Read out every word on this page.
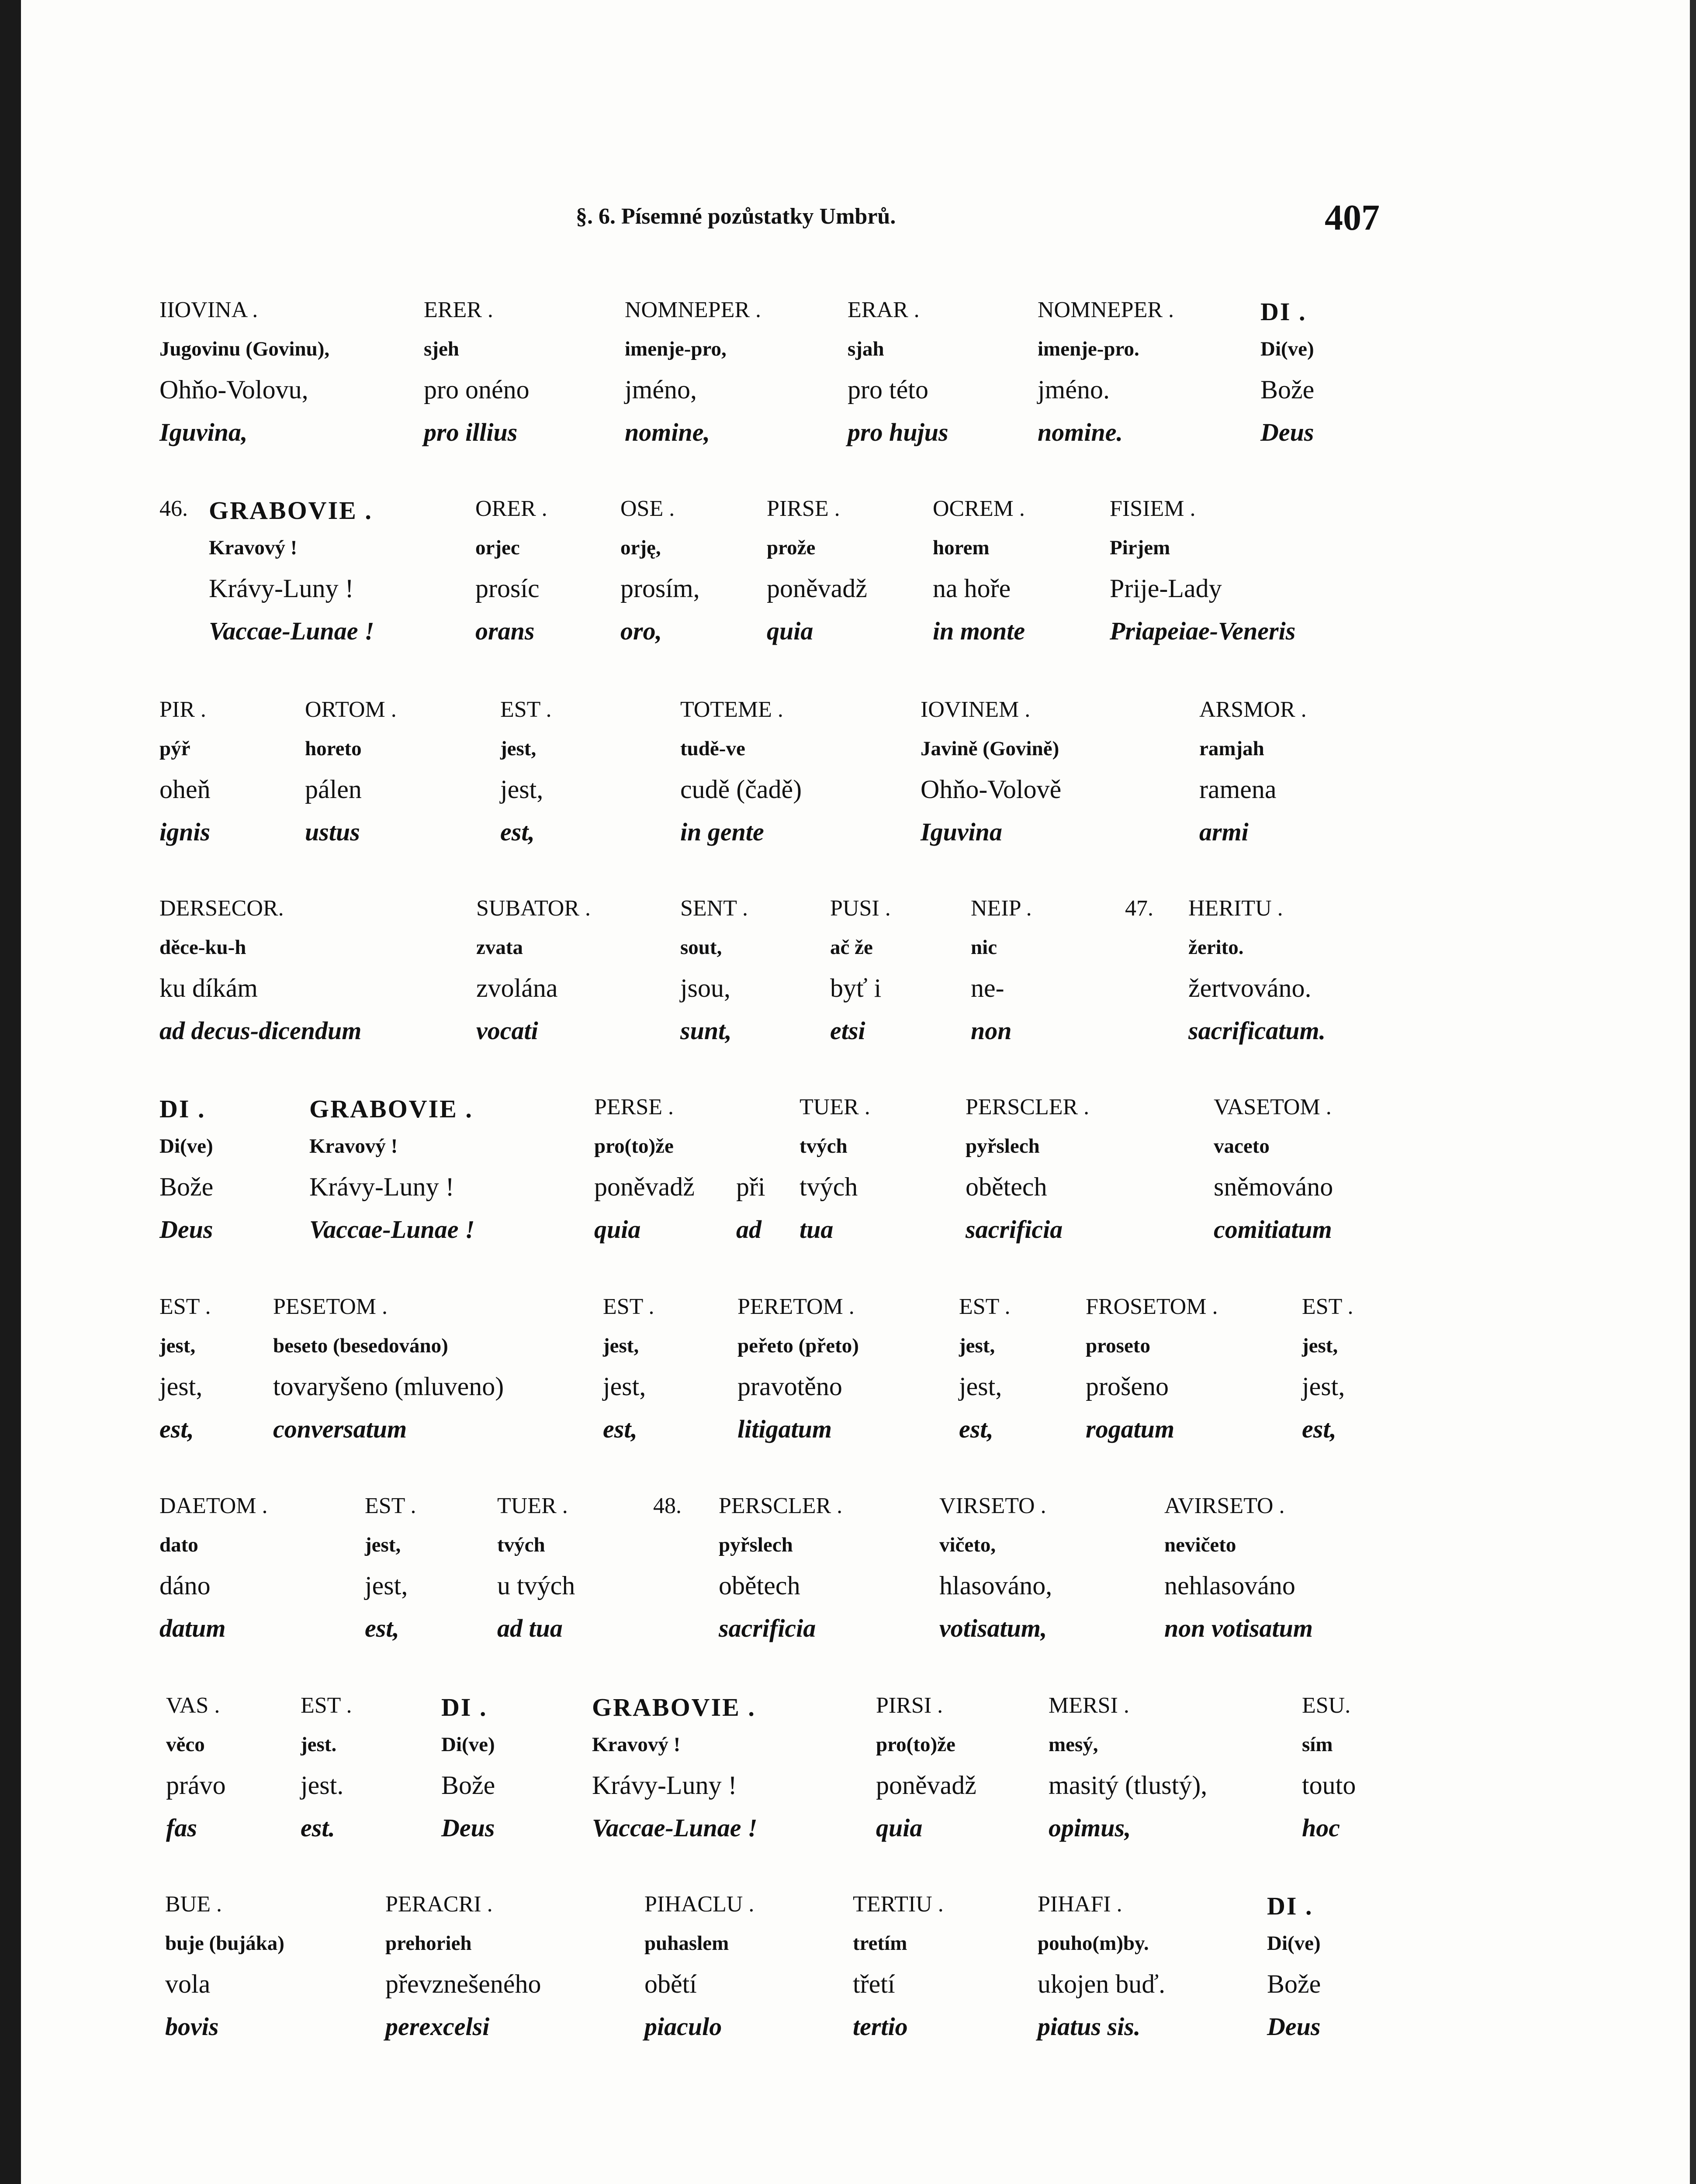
§. 6. Písemné pozůstatky Umbrů.	407
IIOVINA .
Jugovinu (Govinu),
Ohňo-Volovu,
Iguvina,
ERER .
sjeh
pro onéno
pro illius
NOMNEPER .
imenje-pro,
jméno,
nomine,
ERAR .
sjah
pro této
pro hujus
NOMNEPER .
imenje-pro.
jméno.
nomine.
DI .
Di(ve)
Bože
Deus
46. GRABOVIE .
Kravový !
Krávy-Luny !
Vaccae-Lunae !
ORER .
orjec
prosíc
orans
OSE .
orję,
prosím,
oro,
PIRSE .
prože
poněvadž
quia
OCREM .
horem
na hoře
in monte
FISIEM .
Pirjem
Prije-Lady
Priapeiae-Veneris
PIR .
pýř
oheň
ignis
ORTOM .
horeto
pálen
ustus
EST .
jest,
jest,
est,
TOTEME .
tudě-ve
cudě (čadě)
in gente
IOVINEM .
Javině (Govině)
Ohňo-Volově
Iguvina
ARSMOR .
ramjah
ramena
armi
DERSECOR.
děce-ku-h
ku díkám
ad decus-dicendum
SUBATOR .
zvata
zvolána
vocati
SENT .
sout,
jsou,
sunt,
PUSI .
ač že
byť i
etsi
NEIP .
nic
ne-
non
47. HERITU .
žerito.
žertvováno.
sacrificatum.
DI .
Di(ve)
Bože
Deus
GRABOVIE .
Kravový !
Krávy-Luny !
Vaccae-Lunae !
PERSE .
pro(to)že
poněvadž
quia
při
ad
TUER .
tvých
tvých
tua
PERSCLER .
pyřslech
obětech
sacrificia
VASETOM .
vaceto
sněmováno
comitiatum
EST .
jest,
jest,
est,
PESETOM .
beseto (besedováno)
tovaryšeno (mluveno)
conversatum
EST .
jest,
jest,
est,
PERETOM .
peřeto (přeto)
pravotěno
litigatum
EST .
jest,
jest,
est,
FROSETOM .
proseto
prošeno
rogatum
EST .
jest,
jest,
est,
DAETOM .
dato
dáno
datum
EST .
jest,
jest,
est,
TUER .
tvých
u tvých
ad tua
48. PERSCLER .
pyřslech
obětech
sacrificia
VIRSETO .
vičeto,
hlasováno,
votisatum,
AVIRSETO .
nevičeto
nehlasováno
non votisatum
VAS .
věco
právo
fas
EST .
jest.
jest.
est.
DI .
Di(ve)
Bože
Deus
GRABOVIE .
Kravový !
Krávy-Luny !
Vaccae-Lunae !
PIRSI .
pro(to)že
poněvadž
quia
MERSI .
mesý,
masitý (tlustý),
opimus,
ESU.
sím
touto
hoc
BUE .
buje (bujáka)
vola
bovis
PERACRI .
prehorieh
převznešeného
perexcelsi
PIHACLU .
puhaslem
obětí
piaculo
TERTIU .
tretím
třetí
tertio
PIHAFI .
pouho(m)by.
ukojen buď.
piatus sis.
DI .
Di(ve)
Bože
Deus
